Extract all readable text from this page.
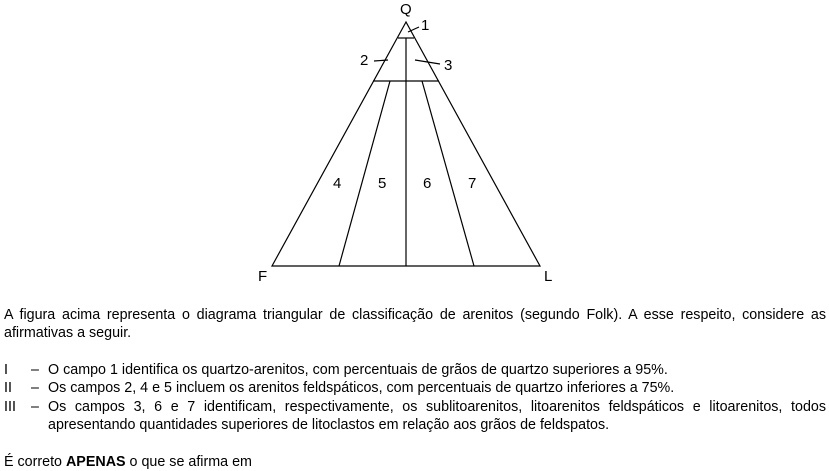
Q
F	L
1
2	3
4 5 6 7
A figura acima representa o diagrama triangular de classificação de arenitos (segundo Folk). A esse respeito, considere as afirmativas a seguir.
I – O campo 1 identifica os quartzo-arenitos, com percentuais de grãos de quartzo superiores a 95%.
II – Os campos 2, 4 e 5 incluem os arenitos feldspáticos, com percentuais de quartzo inferiores a 75%.
III – Os campos 3, 6 e 7 identificam, respectivamente, os sublitoarenitos, litoarenitos feldspáticos e litoarenitos, todos apresentando quantidades superiores de litoclastos em relação aos grãos de feldspatos.
É correto APENAS o que se afirma em
